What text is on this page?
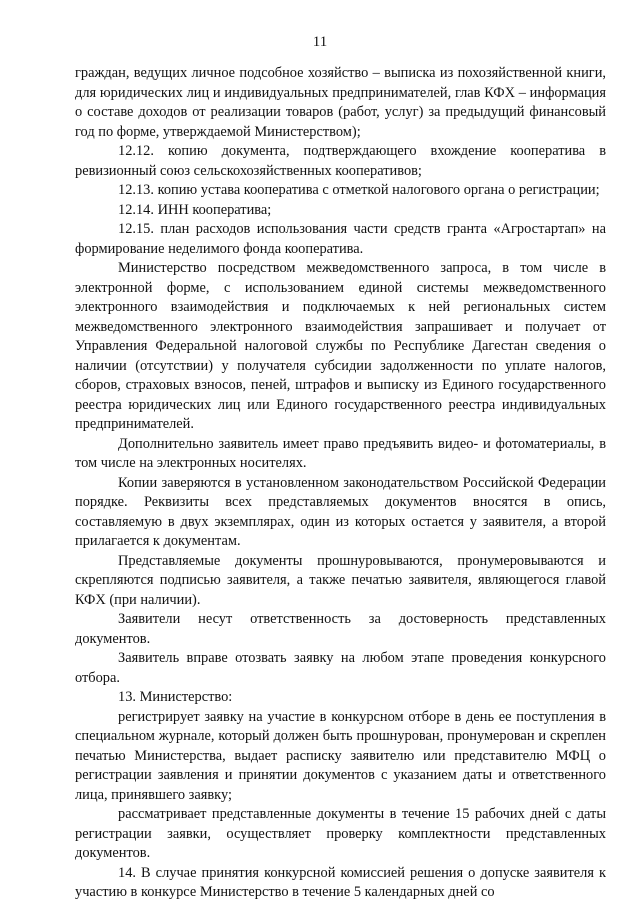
11

граждан, ведущих личное подсобное хозяйство – выписка из похозяйственной книги, для юридических лиц и индивидуальных предпринимателей, глав КФХ – информация о составе доходов от реализации товаров (работ, услуг) за предыдущий финансовый год по форме, утверждаемой Министерством);

12.12. копию документа, подтверждающего вхождение кооператива в ревизионный союз сельскохозяйственных кооперативов;

12.13. копию устава кооператива с отметкой налогового органа о регистрации;

12.14. ИНН кооператива;

12.15. план расходов использования части средств гранта «Агростартап» на формирование неделимого фонда кооператива.

Министерство посредством межведомственного запроса, в том числе в электронной форме, с использованием единой системы межведомственного электронного взаимодействия и подключаемых к ней региональных систем межведомственного электронного взаимодействия запрашивает и получает от Управления Федеральной налоговой службы по Республике Дагестан сведения о наличии (отсутствии) у получателя субсидии задолженности по уплате налогов, сборов, страховых взносов, пеней, штрафов и выписку из Единого государственного реестра юридических лиц или Единого государственного реестра индивидуальных предпринимателей.

Дополнительно заявитель имеет право предъявить видео- и фотоматериалы, в том числе на электронных носителях.

Копии заверяются в установленном законодательством Российской Федерации порядке. Реквизиты всех представляемых документов вносятся в опись, составляемую в двух экземплярах, один из которых остается у заявителя, а второй прилагается к документам.

Представляемые документы прошнуровываются, пронумеровываются и скрепляются подписью заявителя, а также печатью заявителя, являющегося главой КФХ (при наличии).

Заявители несут ответственность за достоверность представленных документов.

Заявитель вправе отозвать заявку на любом этапе проведения конкурсного отбора.

13. Министерство:

регистрирует заявку на участие в конкурсном отборе в день ее поступления в специальном журнале, который должен быть прошнурован, пронумерован и скреплен печатью Министерства, выдает расписку заявителю или представителю МФЦ о регистрации заявления и принятии документов с указанием даты и ответственного лица, принявшего заявку;

рассматривает представленные документы в течение 15 рабочих дней с даты регистрации заявки, осуществляет проверку комплектности представленных документов.

14. В случае принятия конкурсной комиссией решения о допуске заявителя к участию в конкурсе Министерство в течение 5 календарных дней со
